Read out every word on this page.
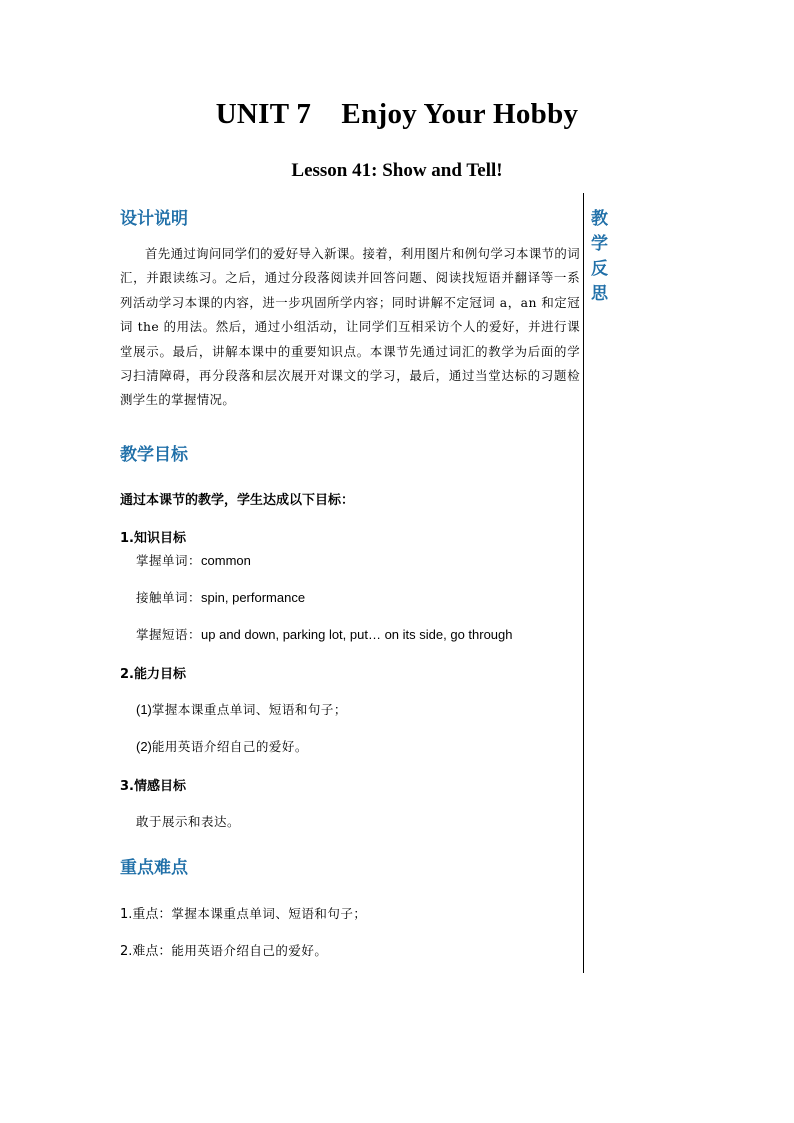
UNIT 7    Enjoy Your Hobby
Lesson 41: Show and Tell!
教学反思
设计说明

首先通过询问同学们的爱好导入新课。接着，利用图片和例句学习本课节的词汇，并跟读练习。之后，通过分段落阅读并回答问题、阅读找短语并翻译等一系列活动学习本课的内容，进一步巩固所学内容；同时讲解不定冠词 a，an 和定冠词 the 的用法。然后，通过小组活动，让同学们互相采访个人的爱好，并进行课堂展示。最后，讲解本课中的重要知识点。本课节先通过词汇的教学为后面的学习扫清障碍，再分段落和层次展开对课文的学习，最后，通过当堂达标的习题检测学生的掌握情况。

教学目标

通过本课节的教学，学生达成以下目标：

1.知识目标

掌握单词：common

接触单词：spin, performance

掌握短语：up and down, parking lot, put… on its side, go through

2.能力目标

(1)掌握本课重点单词、短语和句子；

(2)能用英语介绍自己的爱好。

3.情感目标

敢于展示和表达。

重点难点

1.重点：掌握本课重点单词、短语和句子；

2.难点：能用英语介绍自己的爱好。
